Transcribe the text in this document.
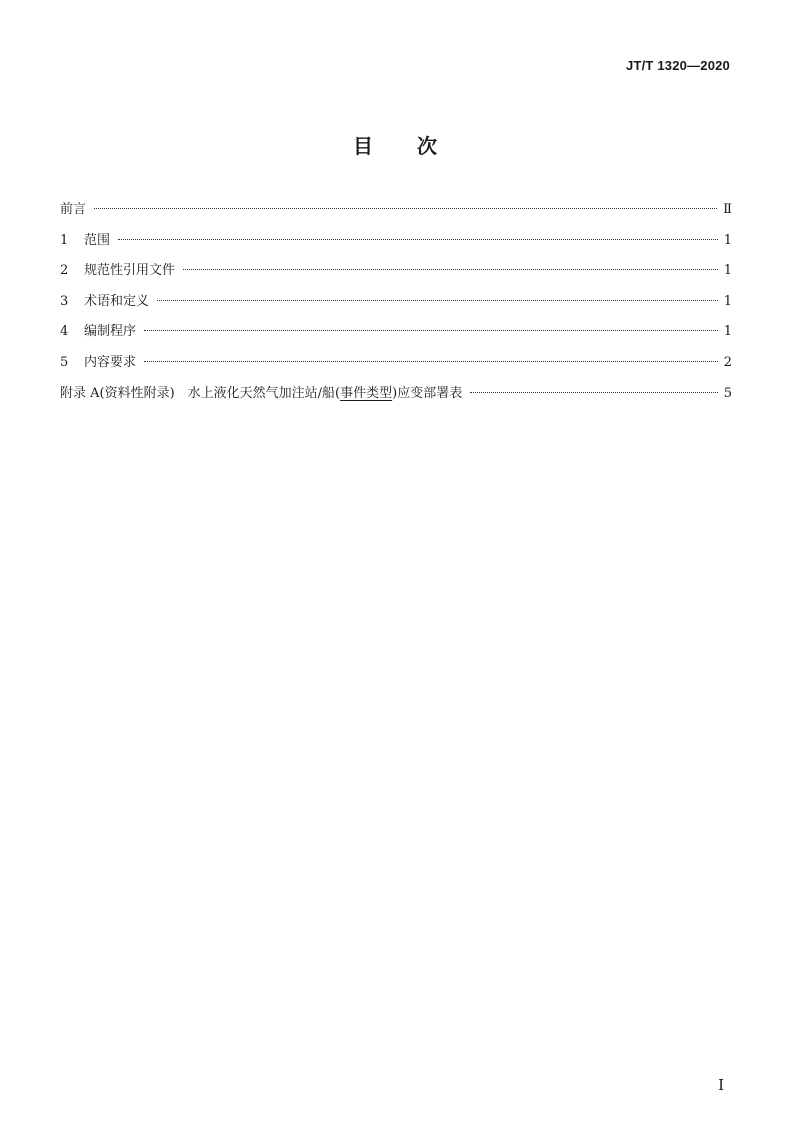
JT/T 1320—2020
目 次
前言	Ⅱ
1	范围	1
2	规范性引用文件	1
3	术语和定义	1
4	编制程序	1
5	内容要求	2
附录 A(资料性附录)　水上液化天然气加注站/船(事件类型)应变部署表	5
I
